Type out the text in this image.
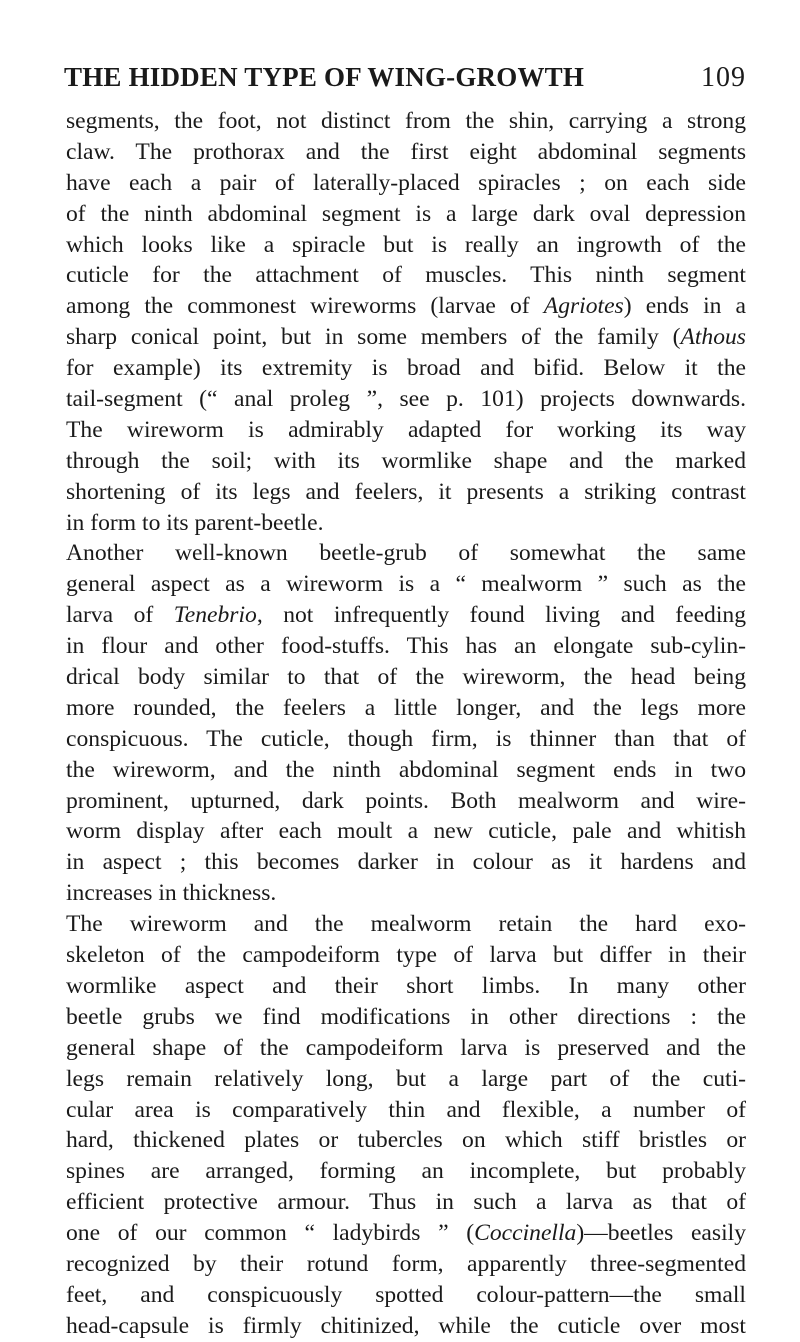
THE HIDDEN TYPE OF WING-GROWTH	109
segments, the foot, not distinct from the shin, carrying a strong
claw. The prothorax and the first eight abdominal segments
have each a pair of laterally-placed spiracles ; on each side
of the ninth abdominal segment is a large dark oval depression
which looks like a spiracle but is really an ingrowth of the
cuticle for the attachment of muscles. This ninth segment
among the commonest wireworms (larvae of Agriotes) ends in a
sharp conical point, but in some members of the family (Athous
for example) its extremity is broad and bifid. Below it the
tail-segment (“ anal proleg ”, see p. 101) projects downwards.
The wireworm is admirably adapted for working its way
through the soil; with its wormlike shape and the marked
shortening of its legs and feelers, it presents a striking contrast
in form to its parent-beetle.
Another well-known beetle-grub of somewhat the same
general aspect as a wireworm is a “ mealworm ” such as the
larva of Tenebrio, not infrequently found living and feeding
in flour and other food-stuffs. This has an elongate sub-cylin-
drical body similar to that of the wireworm, the head being
more rounded, the feelers a little longer, and the legs more
conspicuous. The cuticle, though firm, is thinner than that of
the wireworm, and the ninth abdominal segment ends in two
prominent, upturned, dark points. Both mealworm and wire-
worm display after each moult a new cuticle, pale and whitish
in aspect ; this becomes darker in colour as it hardens and
increases in thickness.
The wireworm and the mealworm retain the hard exo-
skeleton of the campodeiform type of larva but differ in their
wormlike aspect and their short limbs. In many other
beetle grubs we find modifications in other directions : the
general shape of the campodeiform larva is preserved and the
legs remain relatively long, but a large part of the cuti-
cular area is comparatively thin and flexible, a number of
hard, thickened plates or tubercles on which stiff bristles or
spines are arranged, forming an incomplete, but probably
efficient protective armour. Thus in such a larva as that of
one of our common “ ladybirds ” (Coccinella)—beetles easily
recognized by their rotund form, apparently three-segmented
feet, and conspicuously spotted colour-pattern—the small
head-capsule is firmly chitinized, while the cuticle over most
